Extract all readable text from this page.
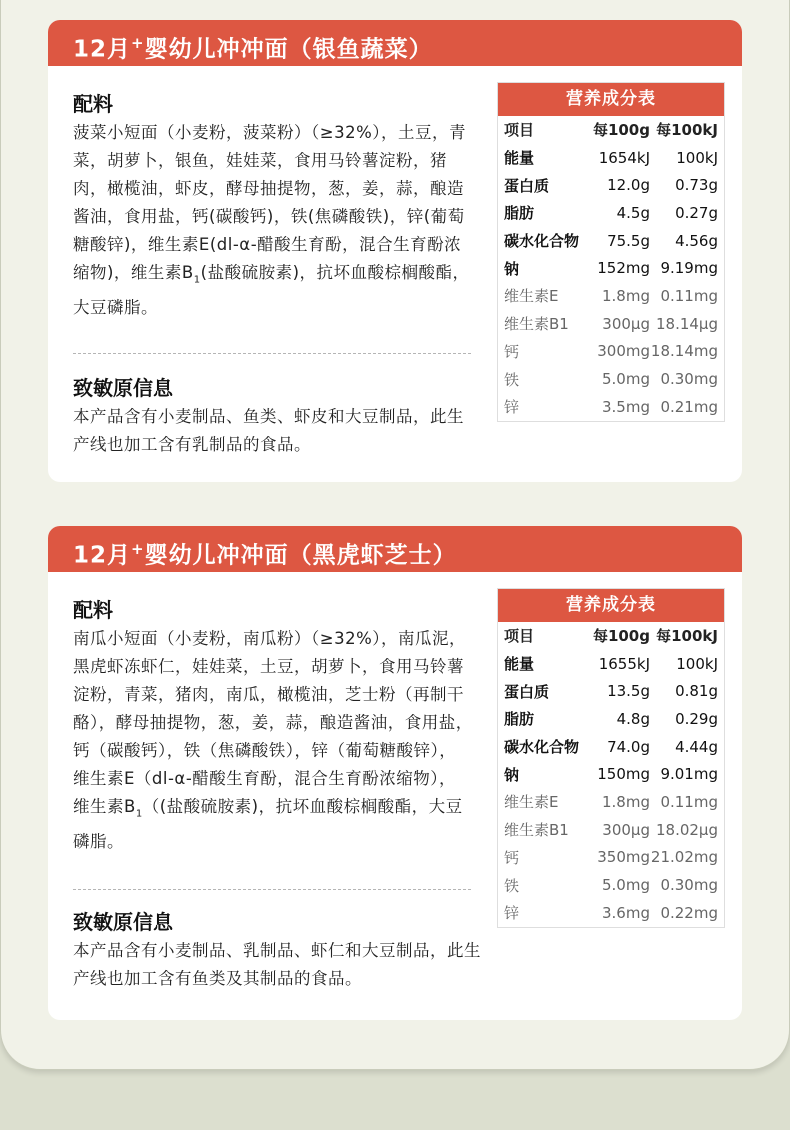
12月+婴幼儿冲冲面（银鱼蔬菜）
配料
菠菜小短面（小麦粉，菠菜粉）（≥32%），土豆，青菜，胡萝卜，银鱼，娃娃菜，食用马铃薯淀粉，猪肉，橄榄油，虾皮，酵母抽提物，葱，姜，蒜，酿造酱油，食用盐，钙(碳酸钙)，铁(焦磷酸铁)，锌(葡萄糖酸锌)，维生素E(dl-α-醋酸生育酚，混合生育酚浓缩物)，维生素$B_1$(盐酸硫胺素)，抗坏血酸棕榈酸酯，大豆磷脂。
致敏原信息
本产品含有小麦制品、鱼类、虾皮和大豆制品，此生产线也加工含有乳制品的食品。
营养成分表
项目	每100g 每100kJ
能量	1654kJ	100kJ
蛋白质	12.0g	0.73g
脂肪	4.5g	0.27g
碳水化合物	75.5g	4.56g
钠	152mg 9.19mg
维生素E	1.8mg 0.11mg
维生素B1	300μg 18.14μg
钙	300mg 18.14mg
铁	5.0mg 0.30mg
锌	3.5mg 0.21mg
12月+婴幼儿冲冲面（黑虎虾芝士）
配料
南瓜小短面（小麦粉，南瓜粉）（≥32%），南瓜泥，黑虎虾冻虾仁，娃娃菜，土豆，胡萝卜，食用马铃薯淀粉，青菜，猪肉，南瓜，橄榄油，芝士粉（再制干酪），酵母抽提物，葱，姜，蒜，酿造酱油，食用盐，钙（碳酸钙），铁（焦磷酸铁），锌（葡萄糖酸锌），维生素E（dl-α-醋酸生育酚，混合生育酚浓缩物），维生素$B_1$（(盐酸硫胺素)，抗坏血酸棕榈酸酯，大豆磷脂。
致敏原信息
本产品含有小麦制品、乳制品、虾仁和大豆制品，此生产线也加工含有鱼类及其制品的食品。
营养成分表
项目	每100g 每100kJ
能量	1655kJ	100kJ
蛋白质	13.5g	0.81g
脂肪	4.8g	0.29g
碳水化合物	74.0g	4.44g
钠	150mg 9.01mg
维生素E	1.8mg 0.11mg
维生素B1	300μg 18.02μg
钙	350mg 21.02mg
铁	5.0mg 0.30mg
锌	3.6mg 0.22mg
